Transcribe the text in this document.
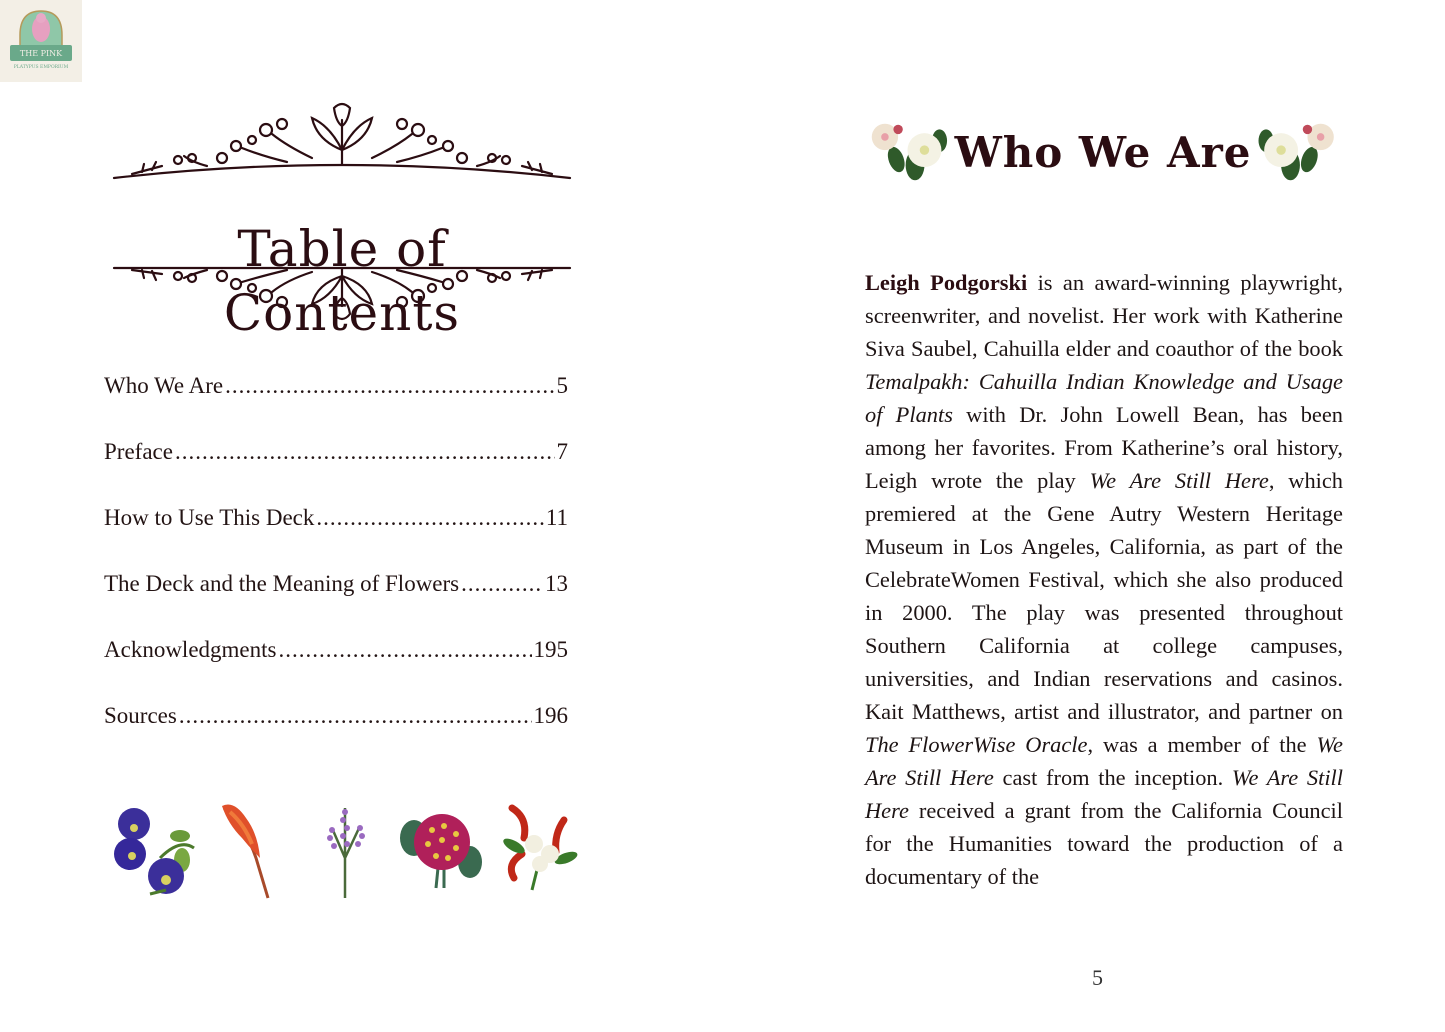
THE PINK
PLATYPUS EMPORIUM
Table of Contents
Who We Are .....	5
Preface .....	7
How to Use This Deck .....	11
The Deck and the Meaning of Flowers .....	13
Acknowledgments .....	195
Sources .....	196
Who We Are

Leigh Podgorski is an award-winning playwright, screenwriter, and novelist. Her work with Katherine Siva Saubel, Cahuilla elder and coauthor of the book Temalpakh: Cahuilla Indian Knowledge and Usage of Plants with Dr. John Lowell Bean, has been among her favorites. From Katherine’s oral history, Leigh wrote the play We Are Still Here, which premiered at the Gene Autry Western Heritage Museum in Los Angeles, California, as part of the CelebrateWomen Festival, which she also produced in 2000. The play was presented throughout Southern California at college campuses, universities, and Indian reservations and casinos. Kait Matthews, artist and illustrator, and partner on The FlowerWise Oracle, was a member of the We Are Still Here cast from the inception. We Are Still Here received a grant from the California Council for the Humanities toward the production of a documentary of the

5
